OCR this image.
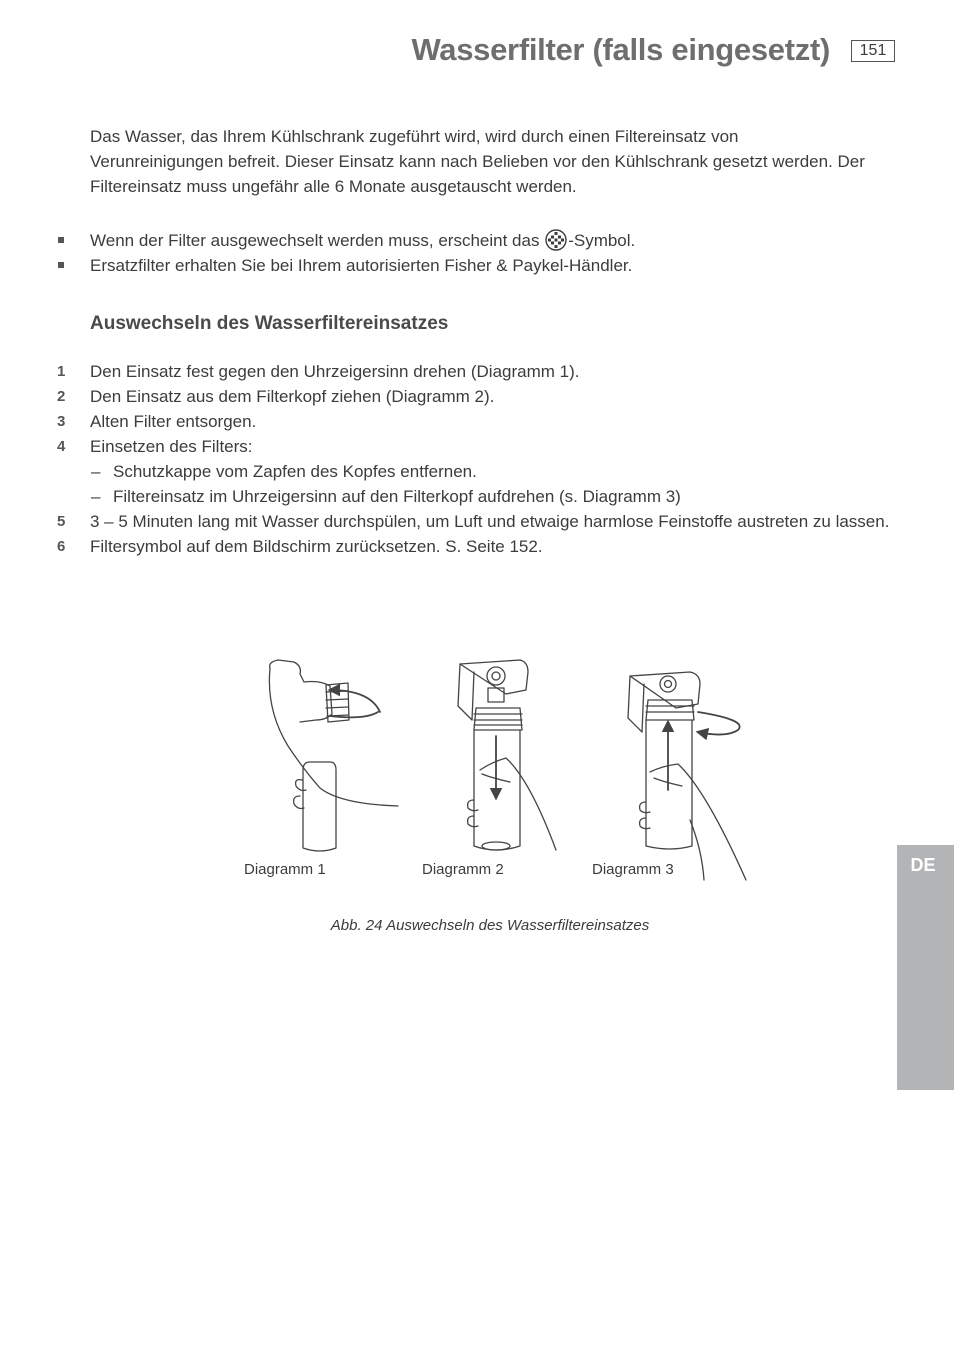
Wasserfilter (falls eingesetzt)	151

Das Wasser, das Ihrem Kühlschrank zugeführt wird, wird durch einen Filtereinsatz von Verunreinigungen befreit. Dieser Einsatz kann nach Belieben vor den Kühlschrank gesetzt werden. Der Filtereinsatz muss ungefähr alle 6 Monate ausgetauscht werden.

Wenn der Filter ausgewechselt werden muss, erscheint das -Symbol.
Ersatzfilter erhalten Sie bei Ihrem autorisierten Fisher & Paykel-Händler.
Auswechseln des Wasserfiltereinsatzes
1 Den Einsatz fest gegen den Uhrzeigersinn drehen (Diagramm 1).
2 Den Einsatz aus dem Filterkopf ziehen (Diagramm 2).
3 Alten Filter entsorgen.
4 Einsetzen des Filters:
– Schutzkappe vom Zapfen des Kopfes entfernen.
– Filtereinsatz im Uhrzeigersinn auf den Filterkopf aufdrehen (s. Diagramm 3)
5 3 – 5 Minuten lang mit Wasser durchspülen, um Luft und etwaige harmlose Feinstoffe austreten zu lassen.
6 Filtersymbol auf dem Bildschirm zurücksetzen. S. Seite 152.
Diagramm 1	Diagramm 2	Diagramm 3
Abb. 24 Auswechseln des Wasserfiltereinsatzes
DE
